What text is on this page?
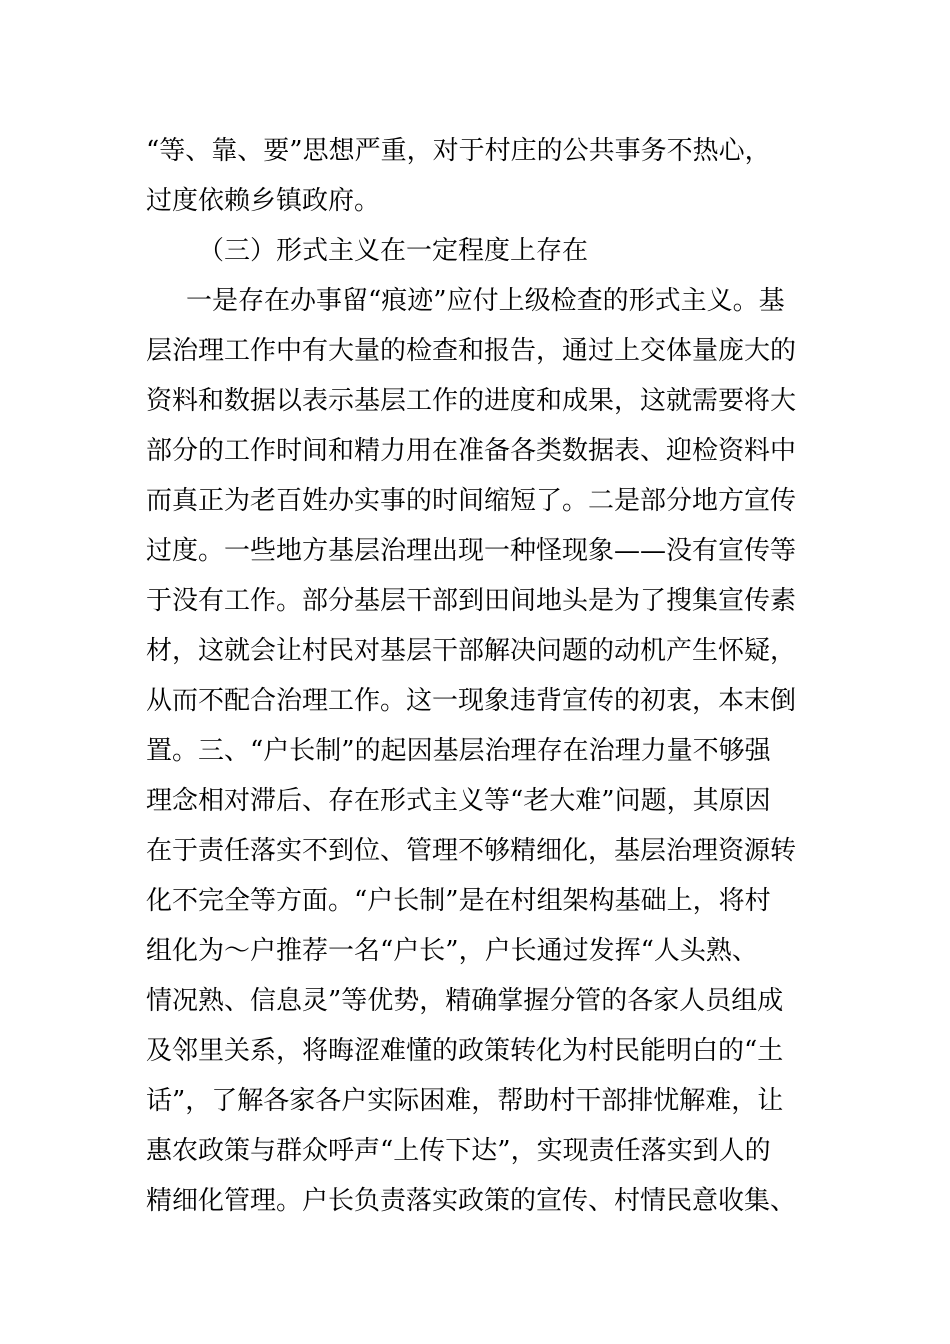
“等、靠、要”思想严重，对于村庄的公共事务不热心，
过度依赖乡镇政府。
（三）形式主义在一定程度上存在
一是存在办事留“痕迹”应付上级检查的形式主义。基
层治理工作中有大量的检查和报告，通过上交体量庞大的
资料和数据以表示基层工作的进度和成果，这就需要将大
部分的工作时间和精力用在准备各类数据表、迎检资料中
而真正为老百姓办实事的时间缩短了。二是部分地方宣传
过度。一些地方基层治理出现一种怪现象——没有宣传等
于没有工作。部分基层干部到田间地头是为了搜集宣传素
材，这就会让村民对基层干部解决问题的动机产生怀疑，
从而不配合治理工作。这一现象违背宣传的初衷，本末倒
置。三、“户长制”的起因基层治理存在治理力量不够强
理念相对滞后、存在形式主义等“老大难”问题，其原因
在于责任落实不到位、管理不够精细化，基层治理资源转
化不完全等方面。“户长制”是在村组架构基础上，将村
组化为～户推荐一名“户长”，户长通过发挥“人头熟、
情况熟、信息灵”等优势，精确掌握分管的各家人员组成
及邻里关系，将晦涩难懂的政策转化为村民能明白的“土
话”，了解各家各户实际困难，帮助村干部排忧解难，让
惠农政策与群众呼声“上传下达”，实现责任落实到人的
精细化管理。户长负责落实政策的宣传、村情民意收集、
